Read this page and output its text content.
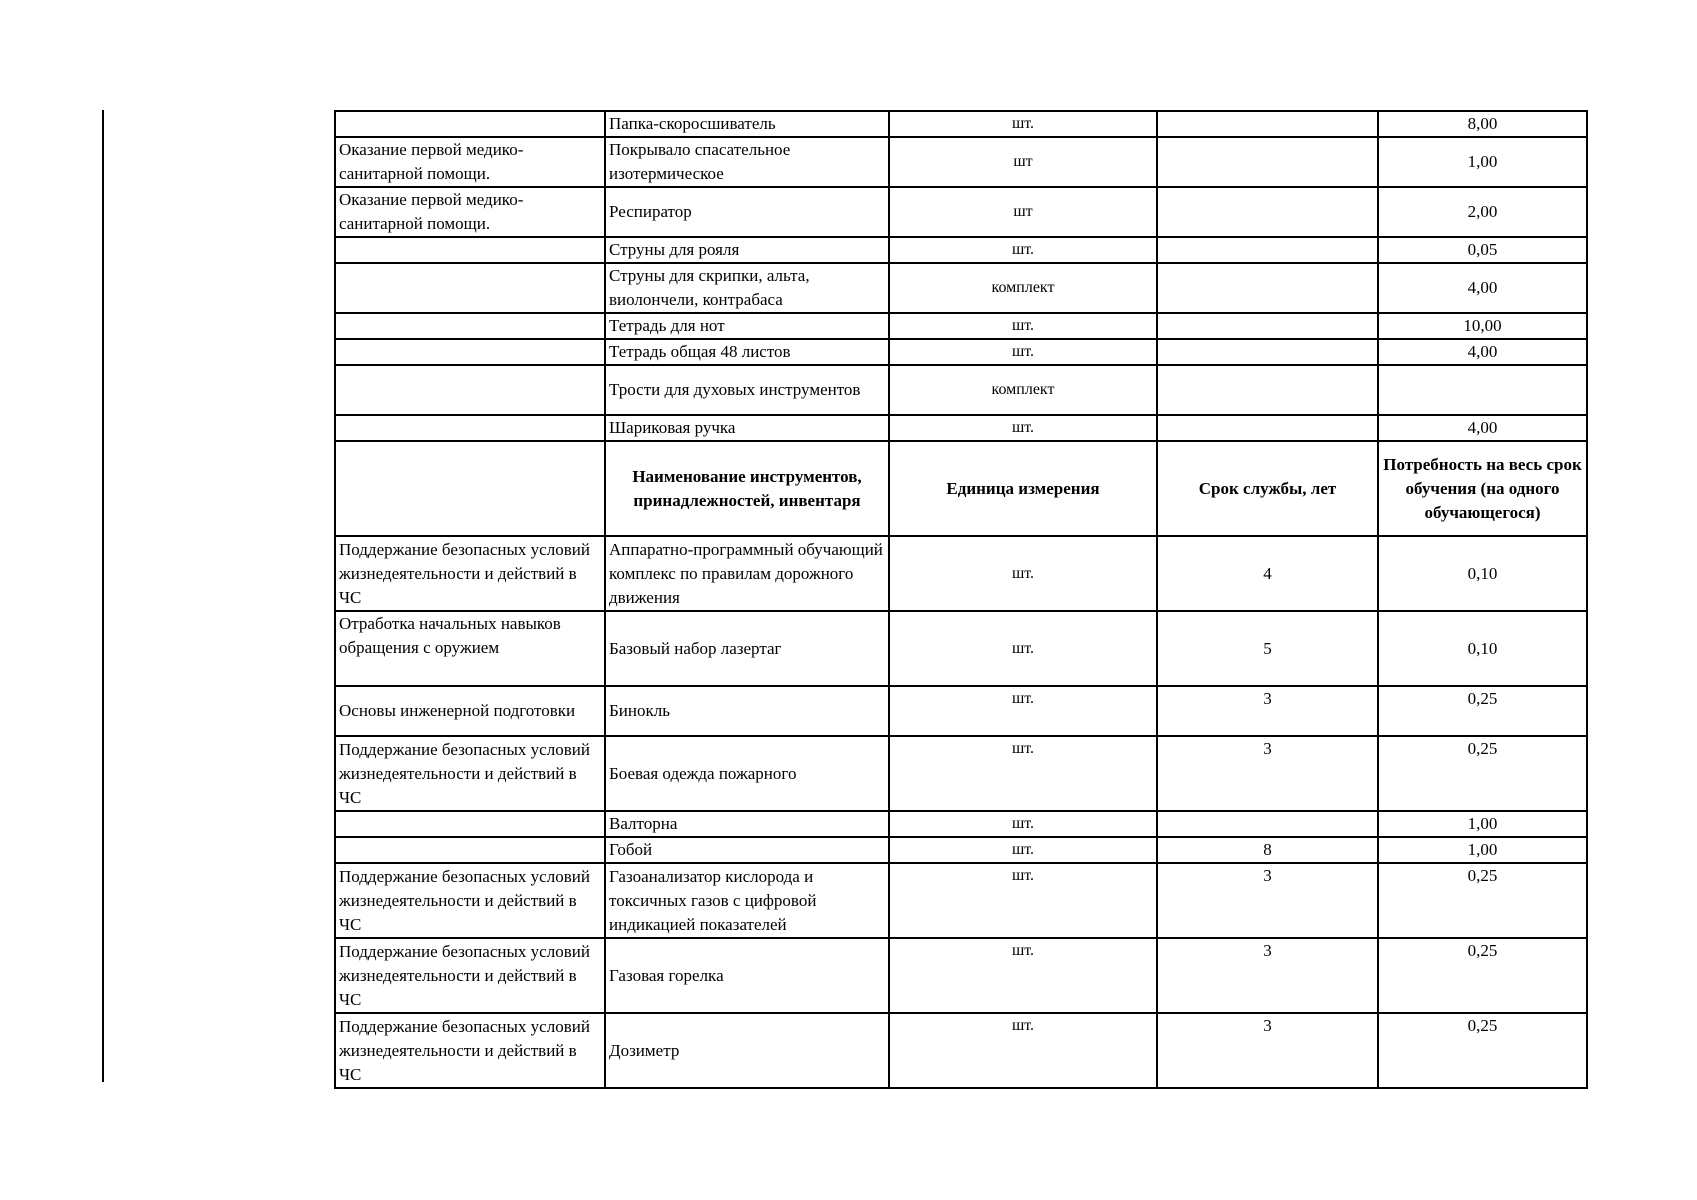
	Папка-скоросшиватель	шт.		8,00
Оказание первой медико-санитарной помощи.	Покрывало спасательное изотермическое	шт		1,00
Оказание первой медико-санитарной помощи.	Респиратор	шт		2,00
	Струны для рояля	шт.		0,05
	Струны для скрипки, альта, виолончели, контрабаса	комплект		4,00
	Тетрадь для нот	шт.		10,00
	Тетрадь общая 48 листов	шт.		4,00
	Трости для духовых инструментов	комплект		
	Шариковая ручка	шт.		4,00
	Наименование инструментов, принадлежностей, инвентаря	Единица измерения	Срок службы, лет	Потребность на весь срок обучения (на одного обучающегося)
Поддержание безопасных условий жизнедеятельности и действий в ЧС	Аппаратно-программный обучающий комплекс по правилам дорожного движения	шт.	4	0,10
Отработка начальных навыков обращения с оружием	Базовый набор лазертаг	шт.	5	0,10
Основы инженерной подготовки	Бинокль	шт.	3	0,25
Поддержание безопасных условий жизнедеятельности и действий в ЧС	Боевая одежда пожарного	шт.	3	0,25
	Валторна	шт.		1,00
	Гобой	шт.	8	1,00
Поддержание безопасных условий жизнедеятельности и действий в ЧС	Газоанализатор кислорода и токсичных газов с цифровой индикацией показателей	шт.	3	0,25
Поддержание безопасных условий жизнедеятельности и действий в ЧС	Газовая горелка	шт.	3	0,25
Поддержание безопасных условий жизнедеятельности и действий в ЧС	Дозиметр	шт.	3	0,25
